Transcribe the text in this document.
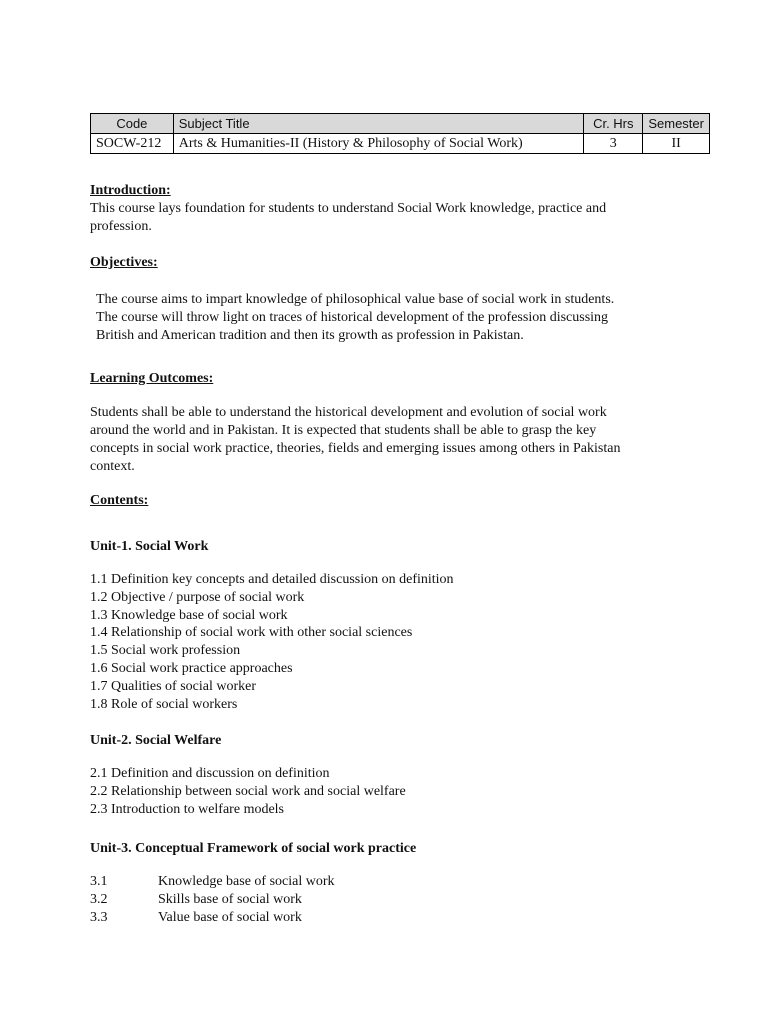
Code	Subject Title	Cr. Hrs	Semester
SOCW-212	Arts & Humanities-II (History & Philosophy of Social Work)	3	II
Introduction:
This course lays foundation for students to understand Social Work knowledge, practice and
profession.
Objectives:
The course aims to impart knowledge of philosophical value base of social work in students.
The course will throw light on traces of historical development of the profession discussing
British and American tradition and then its growth as profession in Pakistan.
Learning Outcomes:
Students shall be able to understand the historical development and evolution of social work
around the world and in Pakistan. It is expected that students shall be able to grasp the key
concepts in social work practice, theories, fields and emerging issues among others in Pakistan
context.
Contents:
Unit-1. Social Work
1.1 Definition key concepts and detailed discussion on definition
1.2 Objective / purpose of social work
1.3 Knowledge base of social work
1.4 Relationship of social work with other social sciences
1.5 Social work profession
1.6 Social work practice approaches
1.7 Qualities of social worker
1.8 Role of social workers
Unit-2. Social Welfare
2.1 Definition and discussion on definition
2.2 Relationship between social work and social welfare
2.3 Introduction to welfare models
Unit-3. Conceptual Framework of social work practice
3.1	Knowledge base of social work
3.2	Skills base of social work
3.3	Value base of social work
